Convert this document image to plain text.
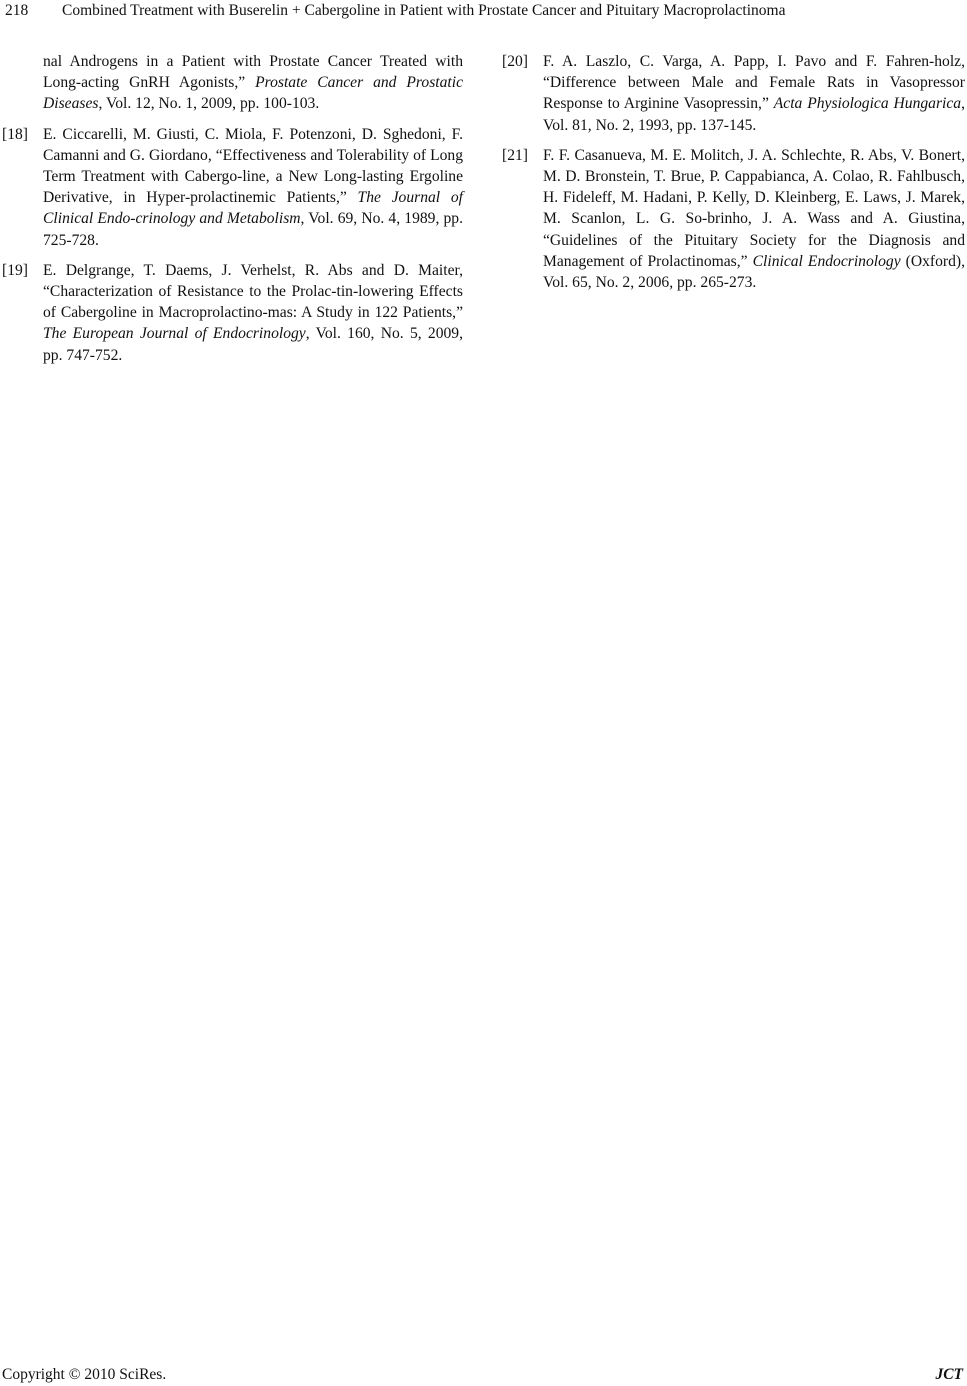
218 Combined Treatment with Buserelin + Cabergoline in Patient with Prostate Cancer and Pituitary Macroprolactinoma
nal Androgens in a Patient with Prostate Cancer Treated with Long-acting GnRH Agonists,” Prostate Cancer and Prostatic Diseases, Vol. 12, No. 1, 2009, pp. 100-103.
[18] E. Ciccarelli, M. Giusti, C. Miola, F. Potenzoni, D. Sghedoni, F. Camanni and G. Giordano, “Effectiveness and Tolerability of Long Term Treatment with Cabergo-line, a New Long-lasting Ergoline Derivative, in Hyper-prolactinemic Patients,” The Journal of Clinical Endo-crinology and Metabolism, Vol. 69, No. 4, 1989, pp. 725-728.
[19] E. Delgrange, T. Daems, J. Verhelst, R. Abs and D. Maiter, “Characterization of Resistance to the Prolac-tin-lowering Effects of Cabergoline in Macroprolactino-mas: A Study in 122 Patients,” The European Journal of Endocrinology, Vol. 160, No. 5, 2009, pp. 747-752.
[20] F. A. Laszlo, C. Varga, A. Papp, I. Pavo and F. Fahren-holz, “Difference between Male and Female Rats in Vasopressor Response to Arginine Vasopressin,” Acta Physiologica Hungarica, Vol. 81, No. 2, 1993, pp. 137-145.
[21] F. F. Casanueva, M. E. Molitch, J. A. Schlechte, R. Abs, V. Bonert, M. D. Bronstein, T. Brue, P. Cappabianca, A. Colao, R. Fahlbusch, H. Fideleff, M. Hadani, P. Kelly, D. Kleinberg, E. Laws, J. Marek, M. Scanlon, L. G. So-brinho, J. A. Wass and A. Giustina, “Guidelines of the Pituitary Society for the Diagnosis and Management of Prolactinomas,” Clinical Endocrinology (Oxford), Vol. 65, No. 2, 2006, pp. 265-273.
Copyright © 2010 SciRes.	JCT
